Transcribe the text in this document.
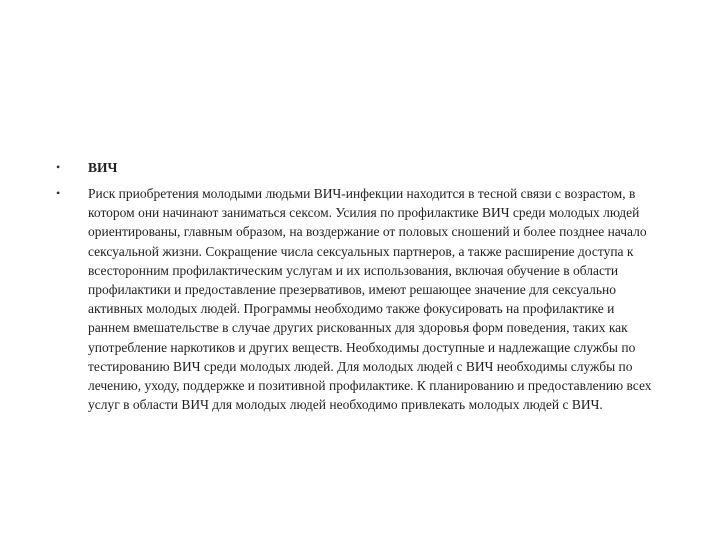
•	ВИЧ
•	Риск приобретения молодыми людьми ВИЧ-инфекции находится в тесной связи с возрастом, в котором они начинают заниматься сексом. Усилия по профилактике ВИЧ среди молодых людей ориентированы, главным образом, на воздержание от половых сношений и более позднее начало сексуальной жизни. Сокращение числа сексуальных партнеров, а также расширение доступа к всесторонним профилактическим услугам и их использования, включая обучение в области профилактики и предоставление презервативов, имеют решающее значение для сексуально активных молодых людей. Программы необходимо также фокусировать на профилактике и раннем вмешательстве в случае других рискованных для здоровья форм поведения, таких как употребление наркотиков и других веществ. Необходимы доступные и надлежащие службы по тестированию ВИЧ среди молодых людей. Для молодых людей с ВИЧ необходимы службы по лечению, уходу, поддержке и позитивной профилактике. К планированию и предоставлению всех услуг в области ВИЧ для молодых людей необходимо привлекать молодых людей с ВИЧ.
